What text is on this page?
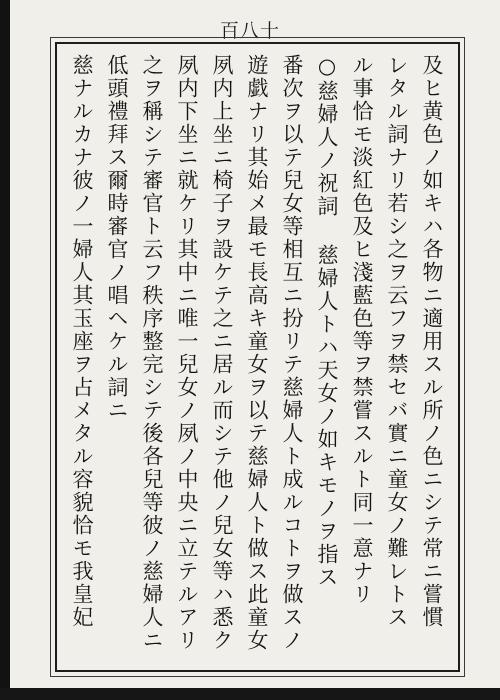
百八十
及ヒ黄色ノ如キハ各物ニ適用スル所ノ色ニシテ常ニ嘗慣
レタル詞ナリ若シ之ヲ云フヲ禁セバ實ニ童女ノ難レトス
ル事恰モ淡紅色及ヒ淺藍色等ヲ禁嘗スルト同一意ナリ
○慈婦人ノ祝詞 慈婦人トハ天女ノ如キモノヲ指ス
番次ヲ以テ兒女等相互ニ扮リテ慈婦人ト成ルコトヲ做スノ
遊戯ナリ其始メ最モ長高キ童女ヲ以テ慈婦人ト做ス此童女
夙内上坐ニ椅子ヲ設ケテ之ニ居ル而シテ他ノ兒女等ハ悉ク
夙内下坐ニ就ケリ其中ニ唯一兒女ノ夙ノ中央ニ立テルアリ
之ヲ稱シテ審官ト云フ秩序整完シテ後各兒等彼ノ慈婦人ニ
低頭禮拜ス爾時審官ノ唱ヘケル詞ニ
慈ナルカナ彼ノ一婦人其玉座ヲ占メタル容貌恰モ我皇妃
